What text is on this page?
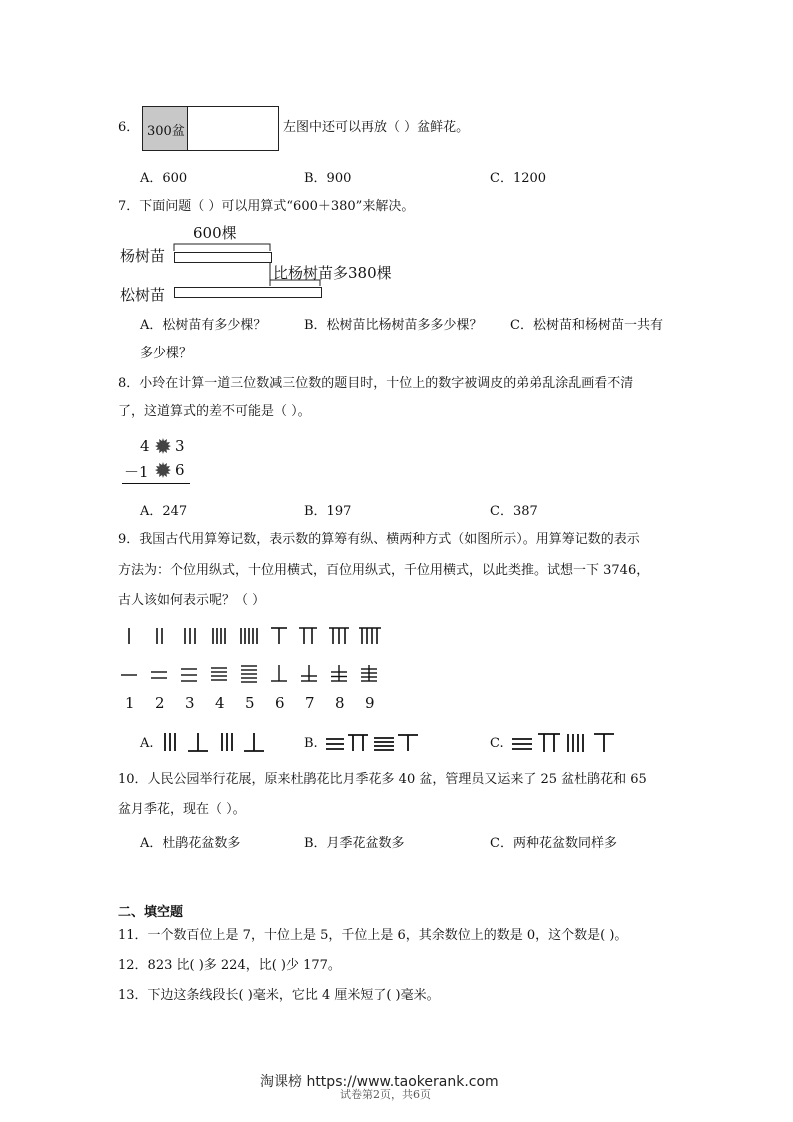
6． 300盆	左图中还可以再放（ ）盆鲜花。
A．600	B．900	C．1200
7．下面问题（ ）可以用算式“600＋380”来解决。
600棵
杨树苗
比杨树苗多380棵
松树苗
A．松树苗有多少棵？	B．松树苗比杨树苗多多少棵？ C．松树苗和杨树苗一共有
多少棵？
8．小玲在计算一道三位数减三位数的题目时，十位上的数字被调皮的弟弟乱涂乱画看不清
了，这道算式的差不可能是（ ）。
4 3
－1 6
A．247	B．197	C．387
9．我国古代用算筹记数，表示数的算筹有纵、横两种方式（如图所示）。用算筹记数的表示
方法为：个位用纵式，十位用横式，百位用纵式，千位用横式，以此类推。试想一下 3746，
古人该如何表示呢？（ ）
1 2 3 4 5 6 7 8 9
A.	B.	C.
10．人民公园举行花展，原来杜鹃花比月季花多 40 盆，管理员又运来了 25 盆杜鹃花和 65
盆月季花，现在（ ）。
A．杜鹃花盆数多	B．月季花盆数多	C．两种花盆数同样多
二、填空题
11．一个数百位上是 7，十位上是 5，千位上是 6，其余数位上的数是 0，这个数是( )。
12．823 比( )多 224，比( )少 177。
13．下边这条线段长( )毫米，它比 4 厘米短了( )毫米。
淘课榜 https://www.taokerank.com
试卷第2页，共6页
